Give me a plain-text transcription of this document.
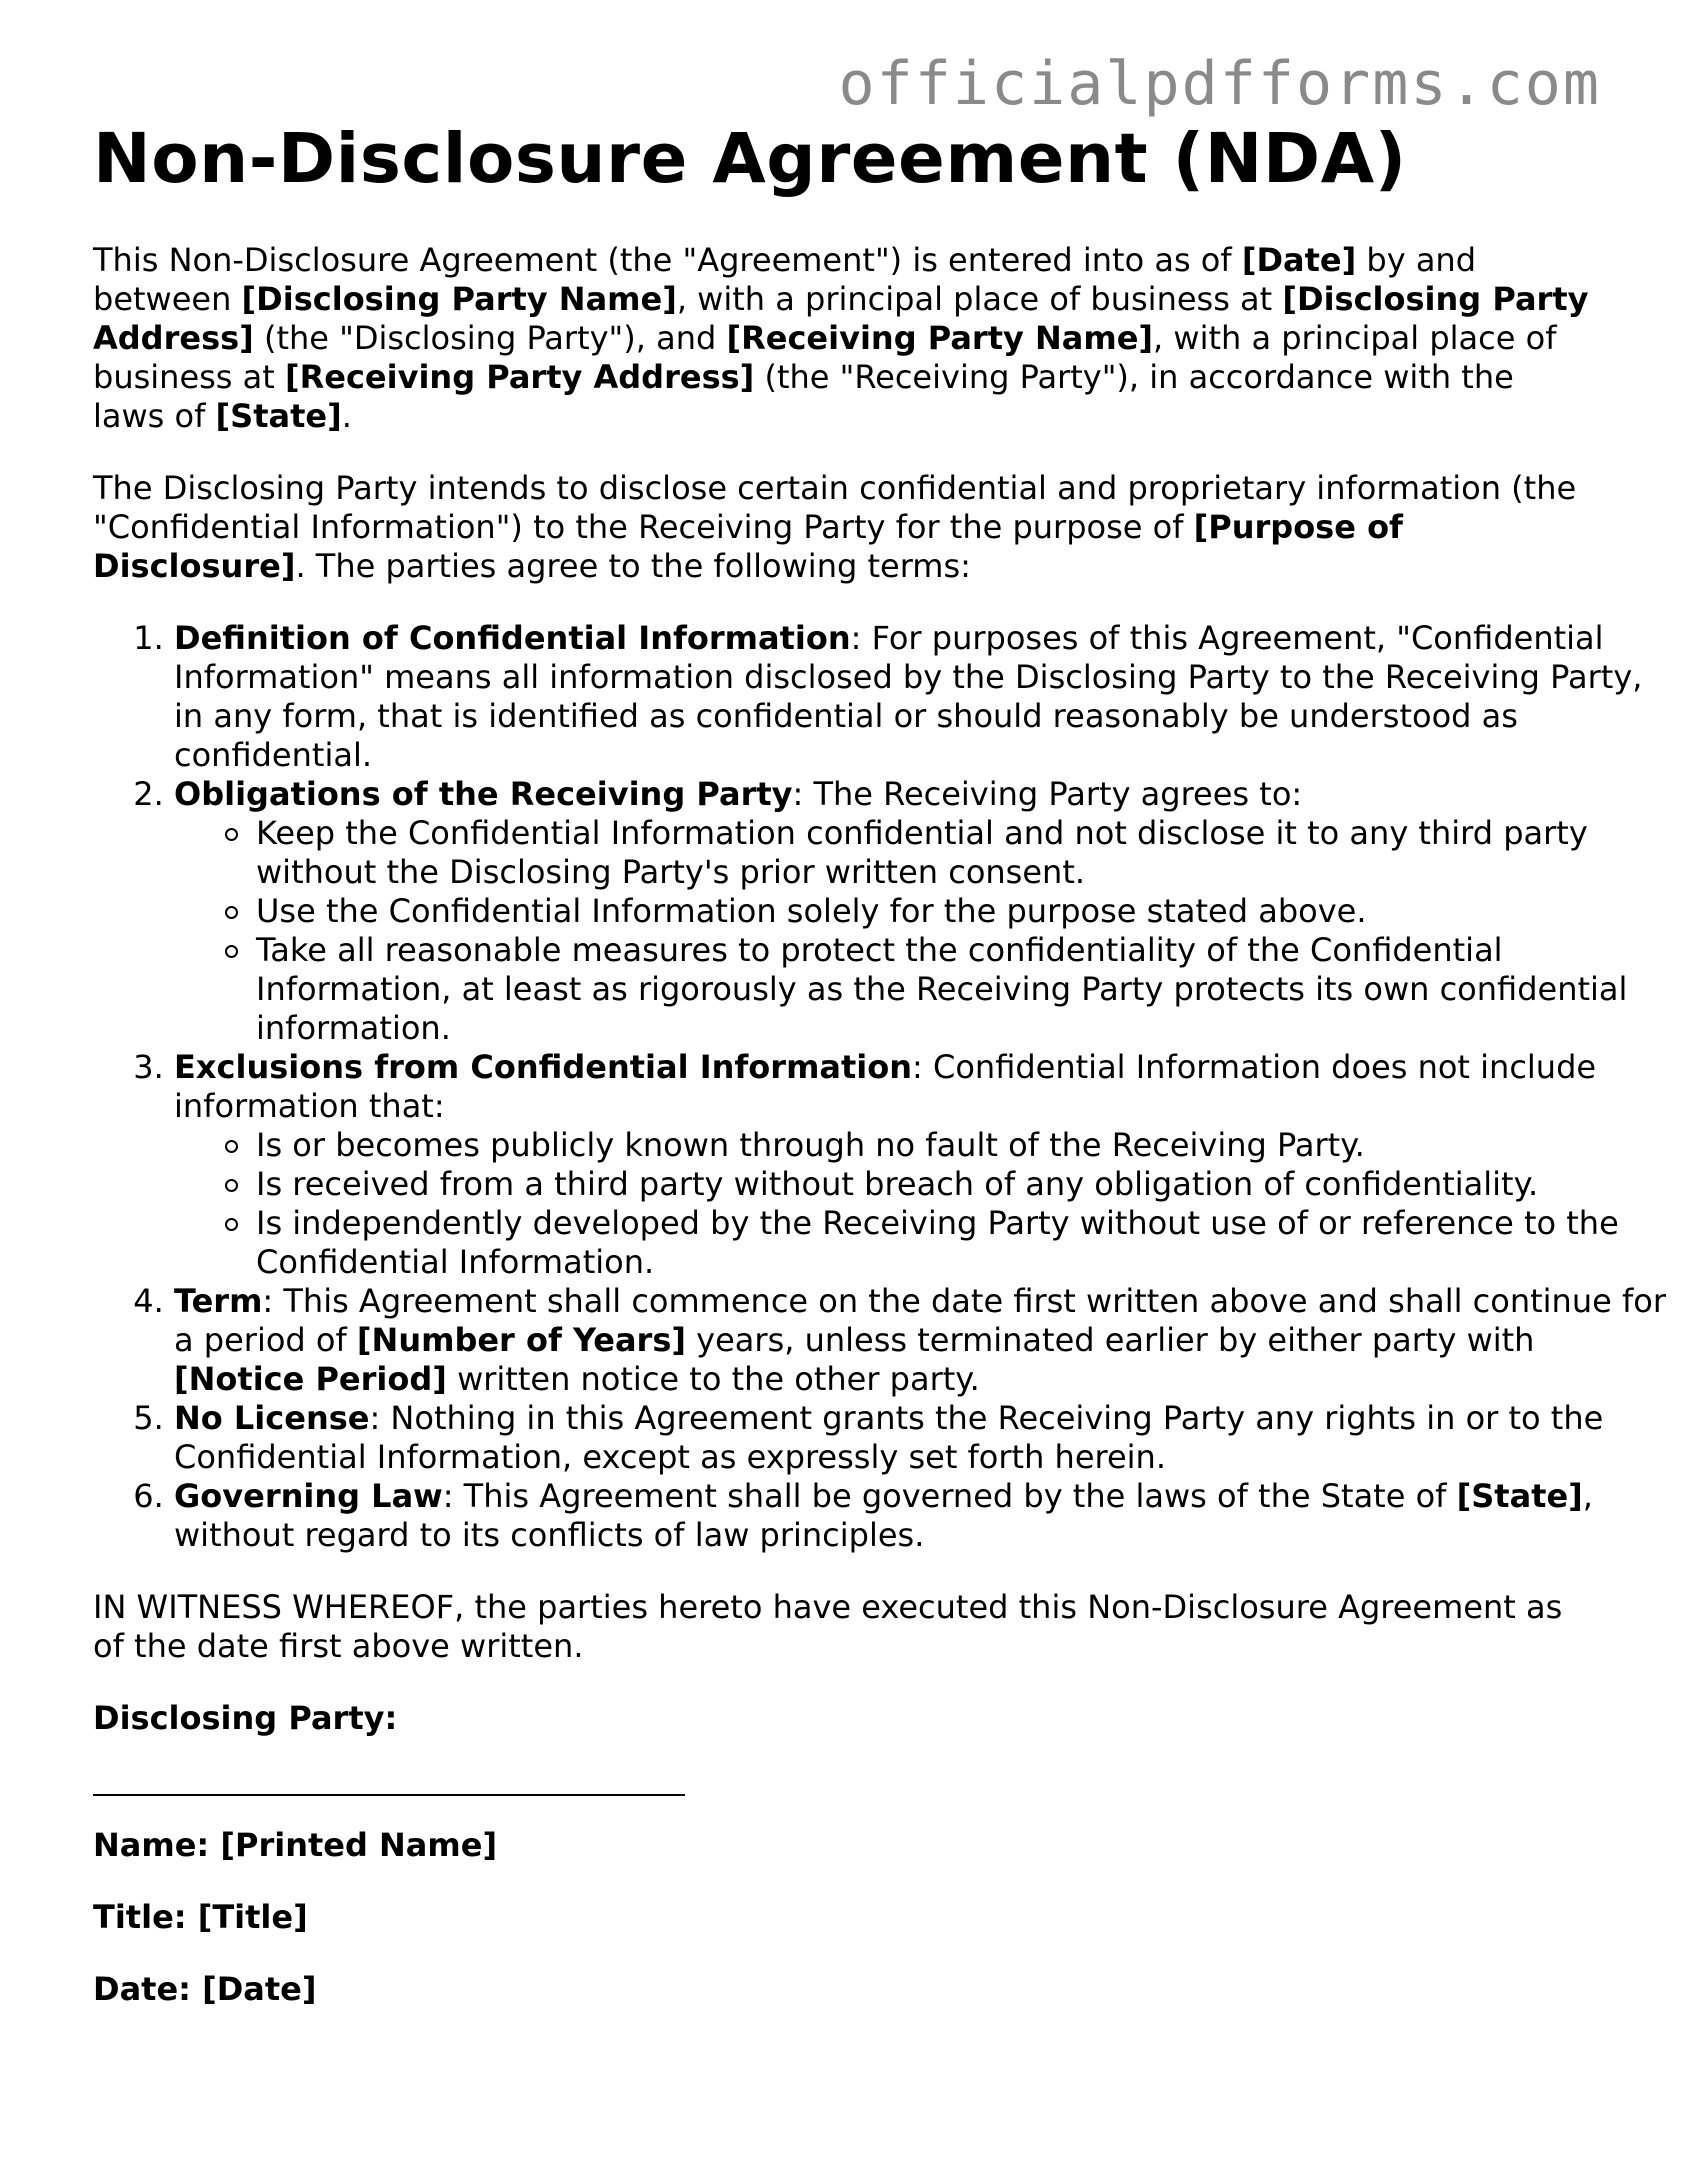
officialpdfforms.com
Non-Disclosure Agreement (NDA)

This Non-Disclosure Agreement (the "Agreement") is entered into as of [Date] by and between [Disclosing Party Name], with a principal place of business at [Disclosing Party Address] (the "Disclosing Party"), and [Receiving Party Name], with a principal place of business at [Receiving Party Address] (the "Receiving Party"), in accordance with the laws of [State].

The Disclosing Party intends to disclose certain confidential and proprietary information (the "Confidential Information") to the Receiving Party for the purpose of [Purpose of Disclosure]. The parties agree to the following terms:

1. Definition of Confidential Information: For purposes of this Agreement, "Confidential Information" means all information disclosed by the Disclosing Party to the Receiving Party, in any form, that is identified as confidential or should reasonably be understood as confidential.
2. Obligations of the Receiving Party: The Receiving Party agrees to:
Keep the Confidential Information confidential and not disclose it to any third party without the Disclosing Party's prior written consent.
Use the Confidential Information solely for the purpose stated above.
Take all reasonable measures to protect the confidentiality of the Confidential Information, at least as rigorously as the Receiving Party protects its own confidential information.
3. Exclusions from Confidential Information: Confidential Information does not include information that:
Is or becomes publicly known through no fault of the Receiving Party.
Is received from a third party without breach of any obligation of confidentiality.
Is independently developed by the Receiving Party without use of or reference to the Confidential Information.
4. Term: This Agreement shall commence on the date first written above and shall continue for a period of [Number of Years] years, unless terminated earlier by either party with [Notice Period] written notice to the other party.
5. No License: Nothing in this Agreement grants the Receiving Party any rights in or to the Confidential Information, except as expressly set forth herein.
6. Governing Law: This Agreement shall be governed by the laws of the State of [State], without regard to its conflicts of law principles.

IN WITNESS WHEREOF, the parties hereto have executed this Non-Disclosure Agreement as of the date first above written.

Disclosing Party:

Name: [Printed Name]

Title: [Title]

Date: [Date]
